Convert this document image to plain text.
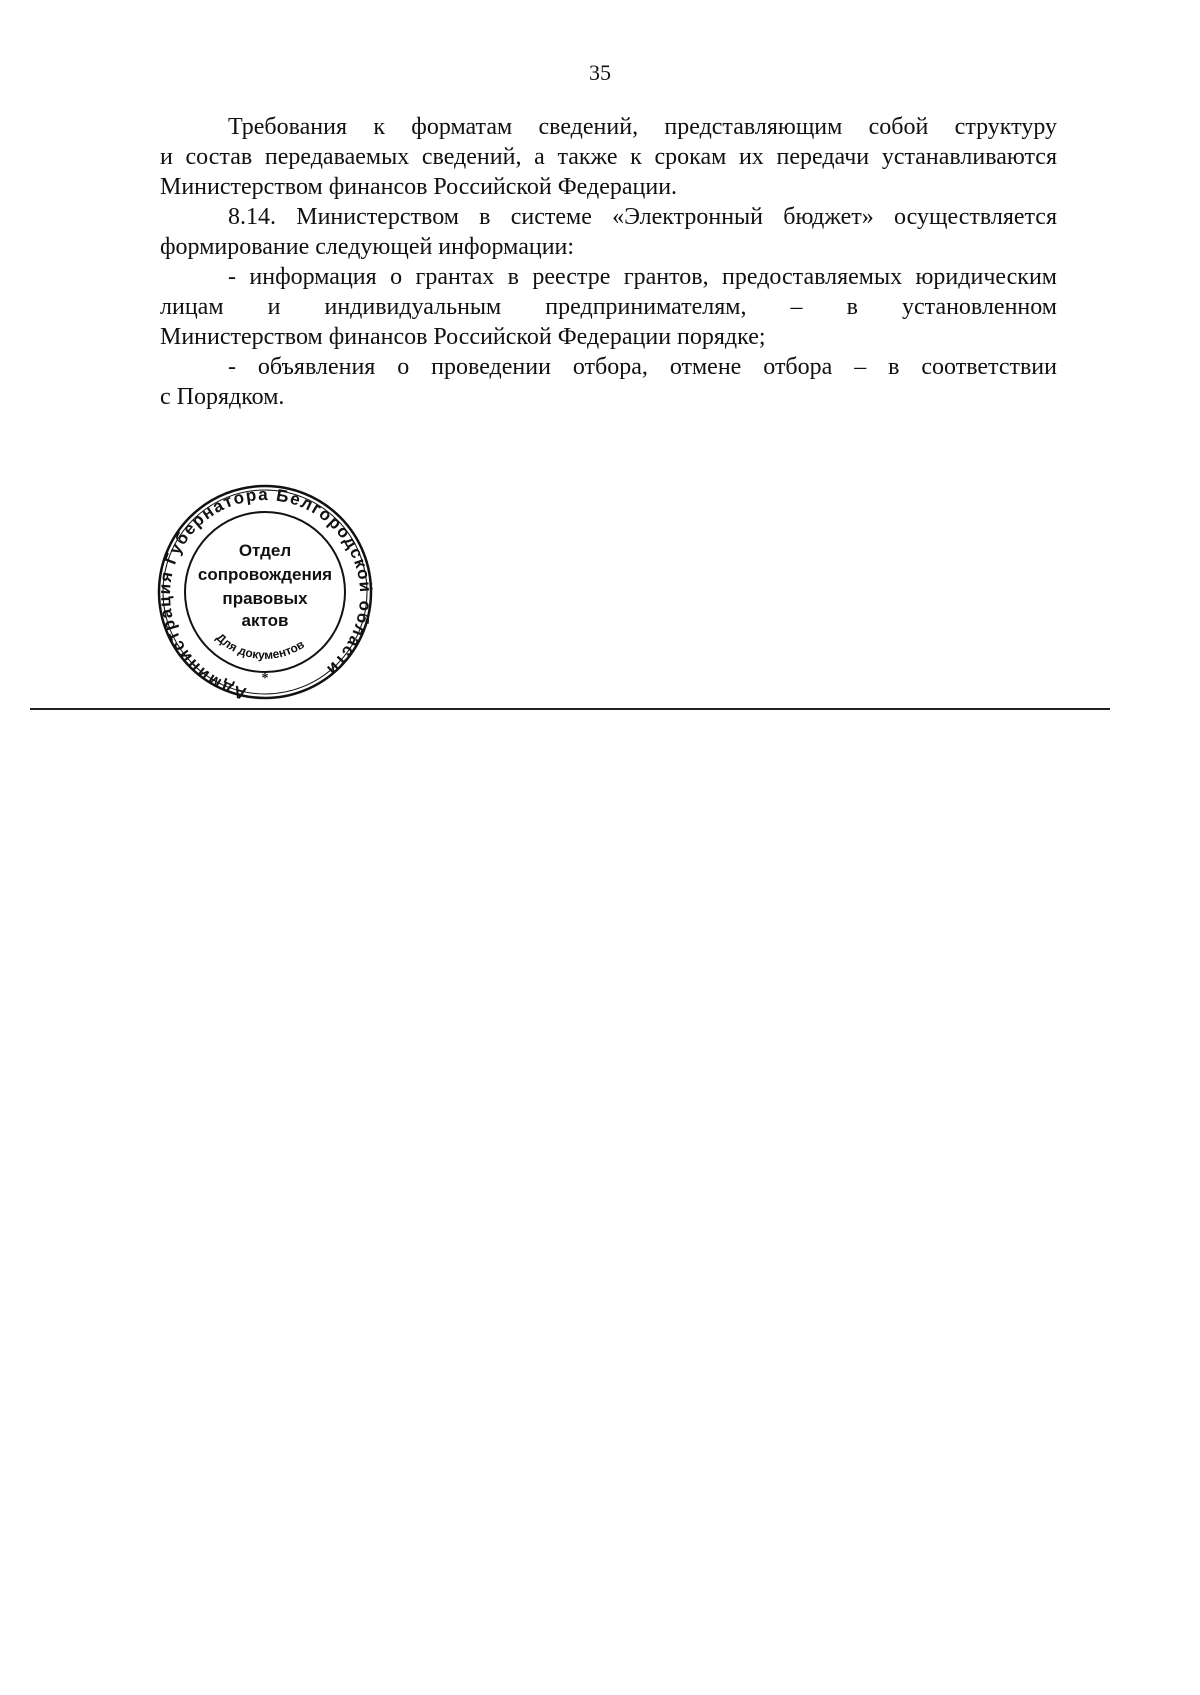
35
Требования к форматам сведений, представляющим собой структуру
и состав передаваемых сведений, а также к срокам их передачи устанавливаются
Министерством финансов Российской Федерации.
8.14. Министерством в системе «Электронный бюджет» осуществляется
формирование следующей информации:
- информация о грантах в реестре грантов, предоставляемых юридическим
лицам и индивидуальным предпринимателям, – в установленном
Министерством финансов Российской Федерации порядке;
- объявления о проведении отбора, отмене отбора – в соответствии
с Порядком.
Администрация Губернатора Белгородской области
Для документов
*
Отдел
сопровождения
правовых
актов
